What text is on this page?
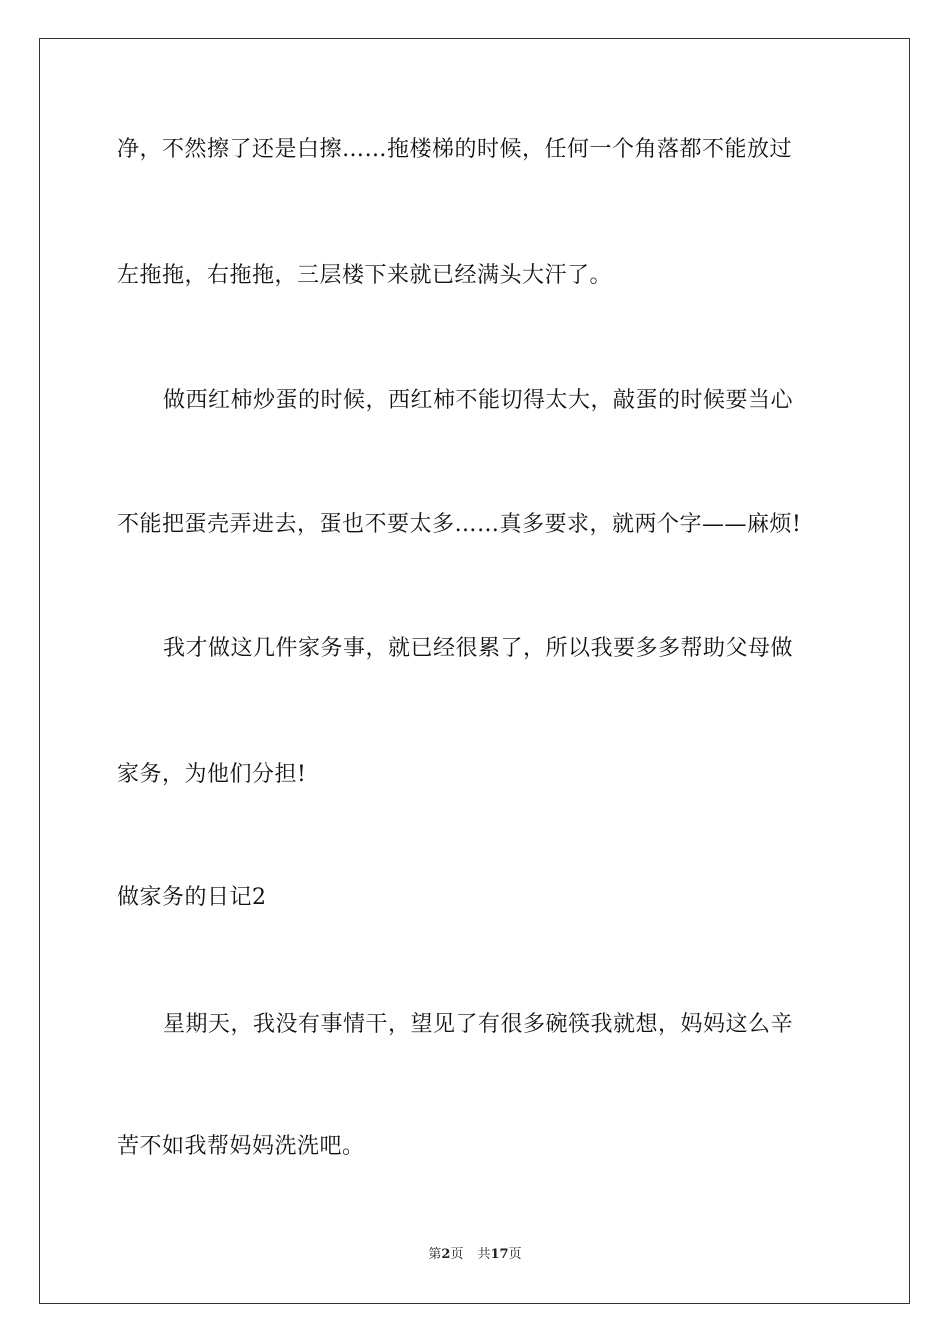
净，不然擦了还是白擦……拖楼梯的时候，任何一个角落都不能放过
左拖拖，右拖拖，三层楼下来就已经满头大汗了。
做西红柿炒蛋的时候，西红柿不能切得太大，敲蛋的时候要当心
不能把蛋壳弄进去，蛋也不要太多……真多要求，就两个字——麻烦!
我才做这几件家务事，就已经很累了，所以我要多多帮助父母做
家务，为他们分担!
做家务的日记2
星期天，我没有事情干，望见了有很多碗筷我就想，妈妈这么辛
苦不如我帮妈妈洗洗吧。
第2页 共17页
